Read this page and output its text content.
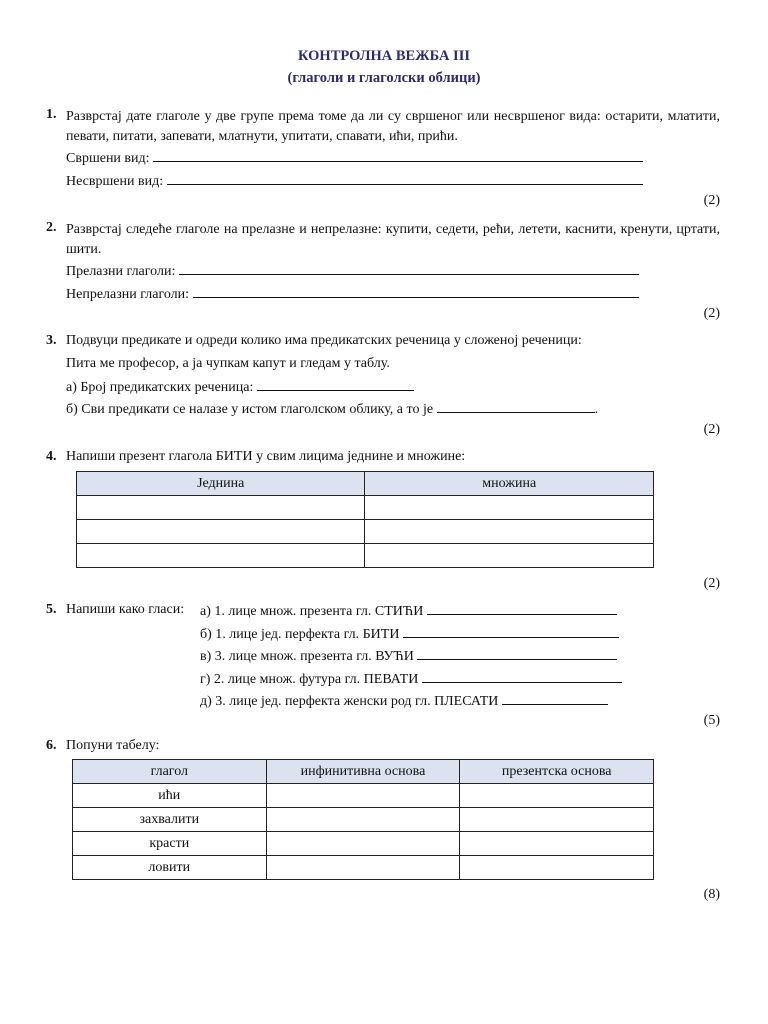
КОНТРОЛНА ВЕЖБА III
(глаголи и глаголски облици)
1. Разврстај дате глаголе у две групе према томе да ли су свршеног или несвршеног вида: остарити, млатити, певати, питати, запевати, млатнути, упитати, спавати, ићи, прићи.
Свршени вид:
Несвршени вид:
(2)
2. Разврстај следеће глаголе на прелазне и непрелазне: купити, седети, рећи, летети, каснити, кренути, цртати, шити.
Прелазни глаголи:
Непрелазни глаголи:
(2)
3. Подвуци предикате и одреди колико има предикатских реченица у сложеној реченици:
Пита ме професор, а ја чупкам капут и гледам у таблу.
а) Број предикатских реченица:
б) Сви предикати се налазе у истом глаголском облику, а то је	.
(2)
4. Напиши презент глагола БИТИ у свим лицима једнине и множине:
Једнина	множина

(2)
5. Напиши како гласи: а) 1. лице множ. презента гл. СТИЋИ
б) 1. лице јед. перфекта гл. БИТИ
в) 3. лице множ. презента гл. ВУЋИ
г) 2. лице множ. футура гл. ПЕВАТИ
д) 3. лице јед. перфекта женски род гл. ПЛЕСАТИ
(5)
6. Попуни табелу:
глагол	инфинитивна основа	презентска основа
ићи		
захвалити		
красти		
ловити		
(8)
